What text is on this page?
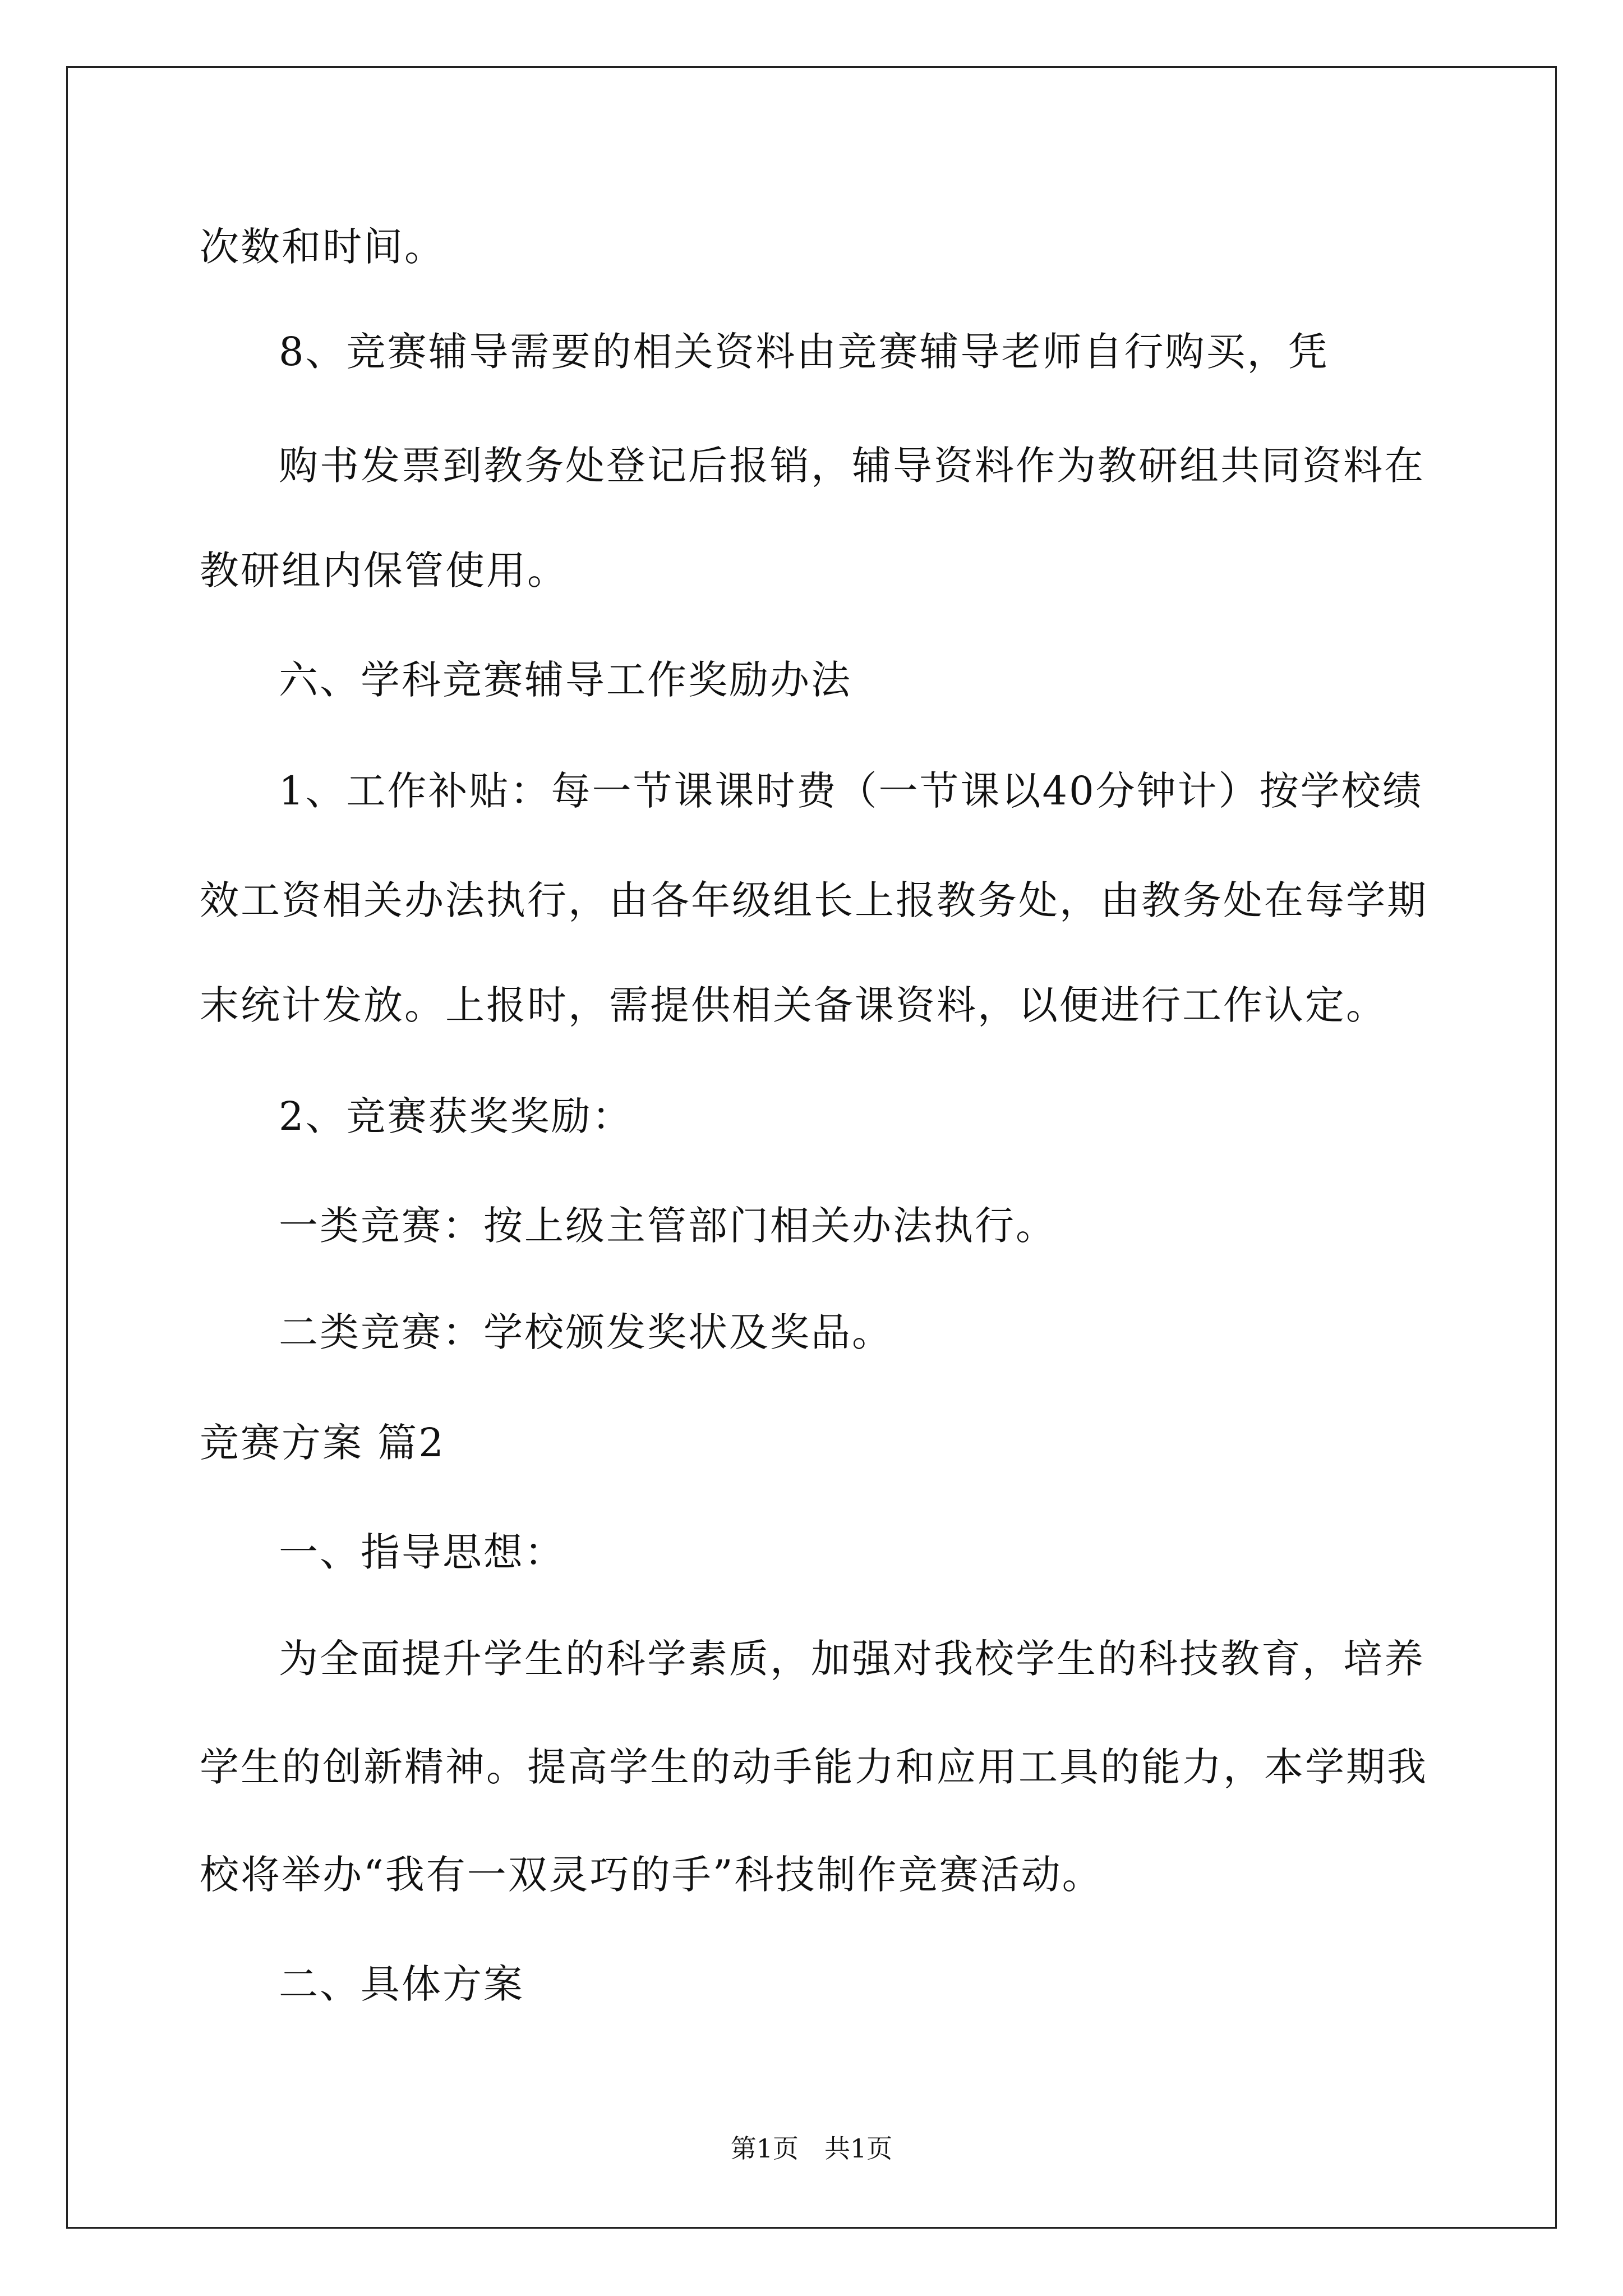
次数和时间。
8、竞赛辅导需要的相关资料由竞赛辅导老师自行购买，凭
购书发票到教务处登记后报销，辅导资料作为教研组共同资料在
教研组内保管使用。
六、学科竞赛辅导工作奖励办法
1、工作补贴：每一节课课时费（一节课以40分钟计）按学校绩
效工资相关办法执行，由各年级组长上报教务处，由教务处在每学期
末统计发放。上报时，需提供相关备课资料，以便进行工作认定。
2、竞赛获奖奖励：
一类竞赛：按上级主管部门相关办法执行。
二类竞赛：学校颁发奖状及奖品。
竞赛方案 篇2
一、指导思想：
为全面提升学生的科学素质，加强对我校学生的科技教育，培养
学生的创新精神。提高学生的动手能力和应用工具的能力，本学期我
校将举办“我有一双灵巧的手”科技制作竞赛活动。
二、具体方案
第1页　共1页
